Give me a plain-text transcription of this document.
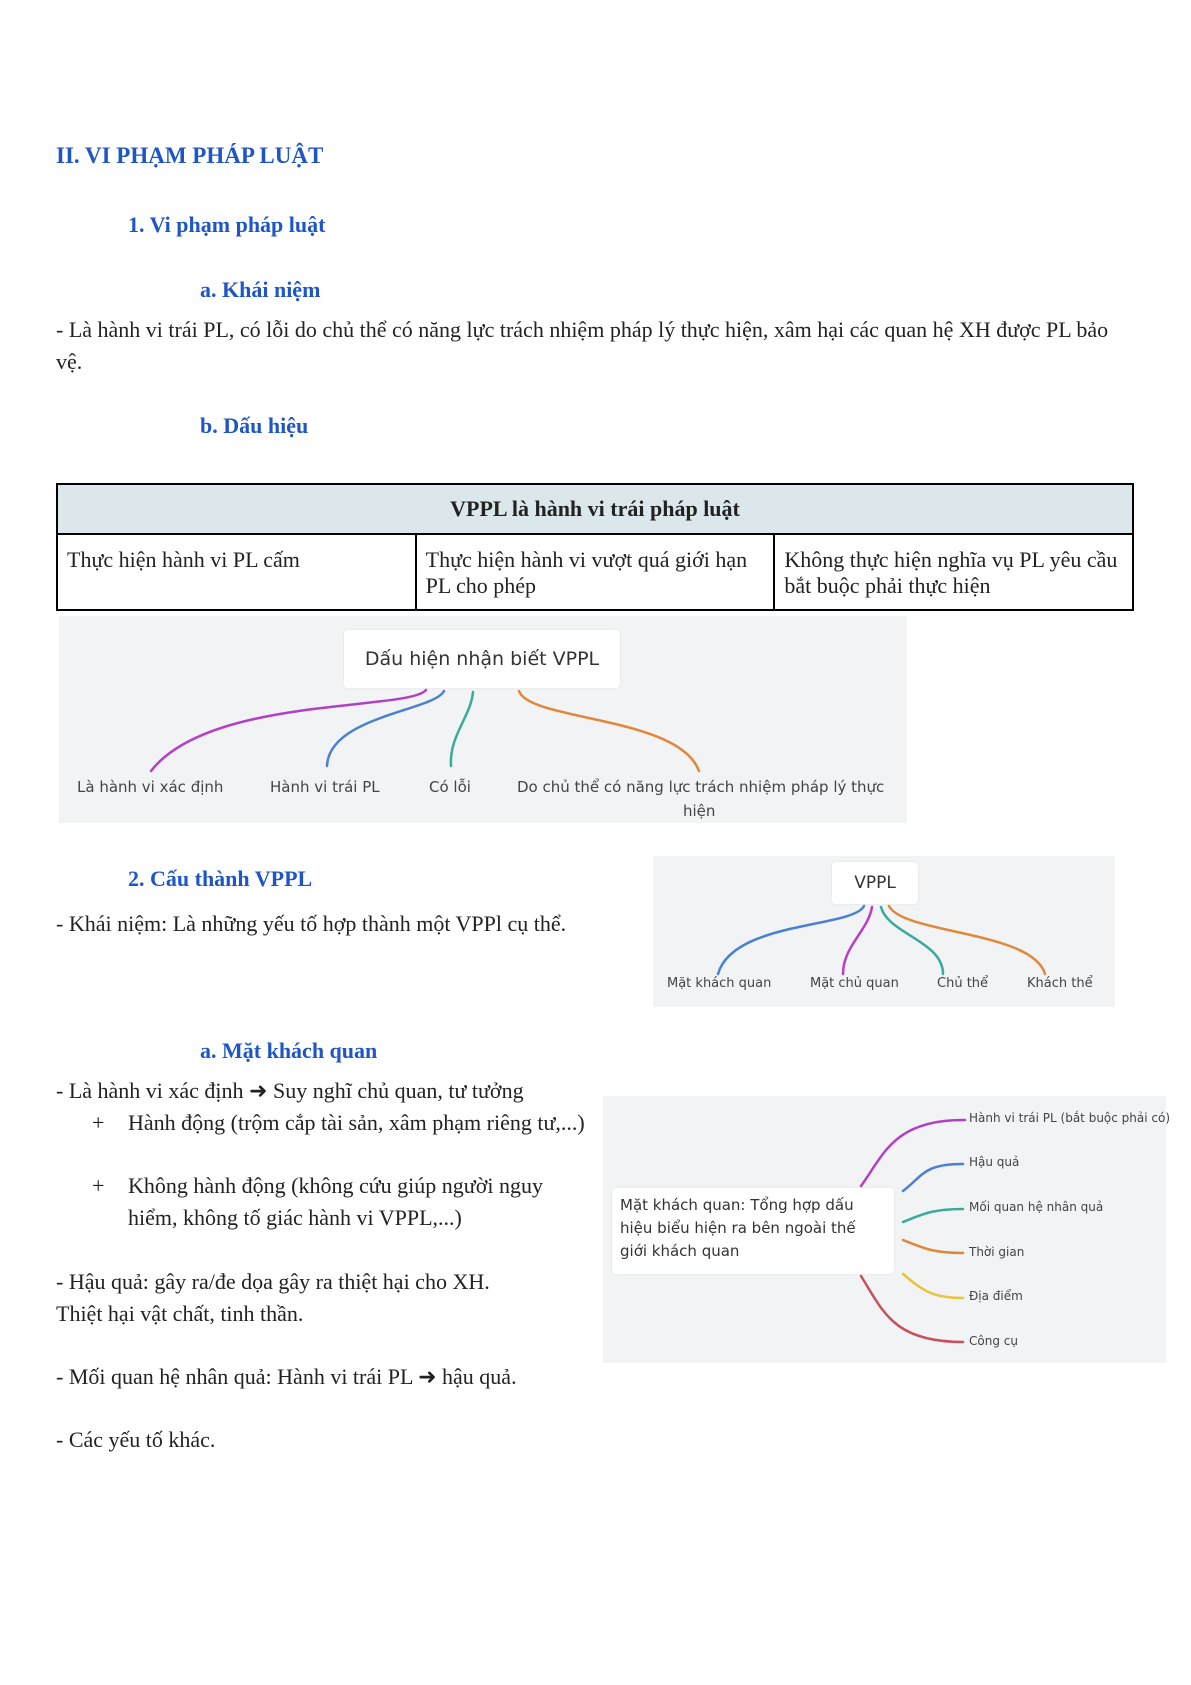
II. VI PHẠM PHÁP LUẬT
1. Vi phạm pháp luật
a. Khái niệm
- Là hành vi trái PL, có lỗi do chủ thể có năng lực trách nhiệm pháp lý thực hiện, xâm hại các quan hệ XH được PL bảo vệ.
b. Dấu hiệu
VPPL là hành vi trái pháp luật
Thực hiện hành vi PL cấm	Thực hiện hành vi vượt quá giới hạn PL cho phép	Không thực hiện nghĩa vụ PL yêu cầu bắt buộc phải thực hiện
Dấu hiện nhận biết VPPL
Là hành vi xác định	Hành vi trái PL	Có lỗi	Do chủ thể có năng lực trách nhiệm pháp lý thực
hiện
2. Cấu thành VPPL
- Khái niệm: Là những yếu tố hợp thành một VPPl cụ thể.
VPPL
Mặt khách quan	Mặt chủ quan	Chủ thể	Khách thể
a. Mặt khách quan
- Là hành vi xác định ➜ Suy nghĩ chủ quan, tư tưởng
+ Hành động (trộm cắp tài sản, xâm phạm riêng tư,...)
+ Không hành động (không cứu giúp người nguy hiểm, không tố giác hành vi VPPL,...)
- Hậu quả: gây ra/đe dọa gây ra thiệt hại cho XH.
Thiệt hại vật chất, tinh thần.
- Mối quan hệ nhân quả: Hành vi trái PL ➜ hậu quả.
- Các yếu tố khác.
Mặt khách quan: Tổng hợp dấu hiệu biểu hiện ra bên ngoài thế giới khách quan
Hành vi trái PL (bắt buộc phải có)
Hậu quả
Mối quan hệ nhân quả
Thời gian
Địa điểm
Công cụ
